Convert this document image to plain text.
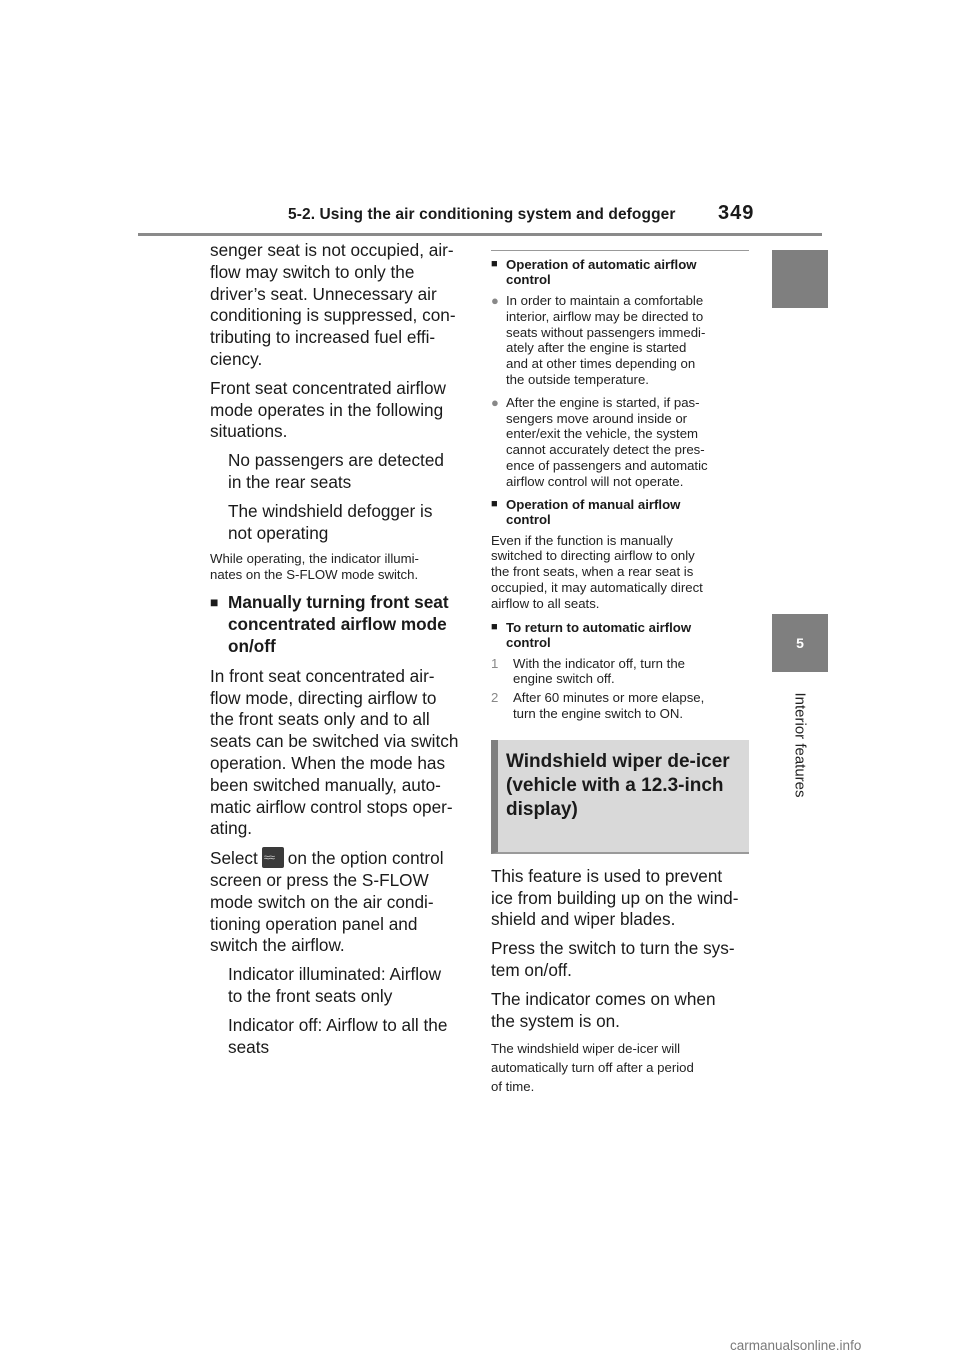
5-2. Using the air conditioning system and defogger 349
5
Interior features

senger seat is not occupied, air-
flow may switch to only the
driver’s seat. Unnecessary air
conditioning is suppressed, con-
tributing to increased fuel effi-
ciency.

Front seat concentrated airflow
mode operates in the following
situations.

No passengers are detected
in the rear seats
The windshield defogger is
not operating

While operating, the indicator illumi-
nates on the S-FLOW mode switch.

■ Manually turning front seat
concentrated airflow mode
on/off

In front seat concentrated air-
flow mode, directing airflow to
the front seats only and to all
seats can be switched via switch
operation. When the mode has
been switched manually, auto-
matic airflow control stops oper-
ating.

Select≈≈ on the option control
screen or press the S-FLOW
mode switch on the air condi-
tioning operation panel and
switch the airflow.

Indicator illuminated: Airflow
to the front seats only
Indicator off: Airflow to all the
seats
■ Operation of automatic airflow
control
● In order to maintain a comfortable
interior, airflow may be directed to
seats without passengers immedi-
ately after the engine is started
and at other times depending on
the outside temperature.
● After the engine is started, if pas-
sengers move around inside or
enter/exit the vehicle, the system
cannot accurately detect the pres-
ence of passengers and automatic
airflow control will not operate.
■ Operation of manual airflow
control

Even if the function is manually
switched to directing airflow to only
the front seats, when a rear seat is
occupied, it may automatically direct
airflow to all seats.

■ To return to automatic airflow
control
1	With the indicator off, turn the
engine switch off.
2	After 60 minutes or more elapse,
turn the engine switch to ON.
Windshield wiper de-icer
(vehicle with a 12.3-inch
display)

This feature is used to prevent
ice from building up on the wind-
shield and wiper blades.

Press the switch to turn the sys-
tem on/off.

The indicator comes on when
the system is on.

The windshield wiper de-icer will
automatically turn off after a period
of time.

carmanualsonline.info
